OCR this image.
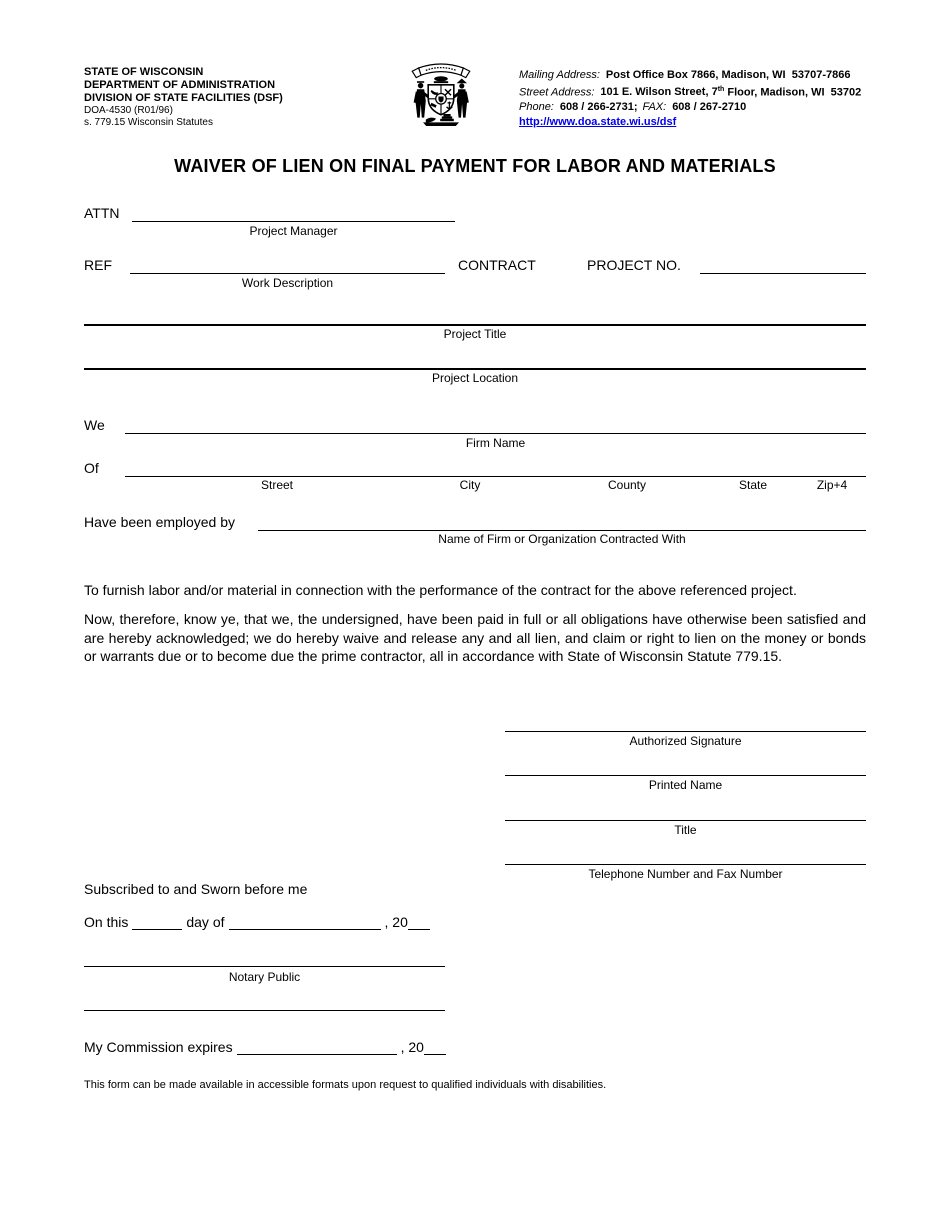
STATE OF WISCONSIN
DEPARTMENT OF ADMINISTRATION
DIVISION OF STATE FACILITIES (DSF)
DOA-4530 (R01/96)
s. 779.15 Wisconsin Statutes
Mailing Address: Post Office Box 7866, Madison, WI  53707-7866
Street Address: 101 E. Wilson Street, 7th Floor, Madison, WI  53702
Phone: 608 / 266-2731; FAX: 608 / 267-2710
http://www.doa.state.wi.us/dsf
WAIVER OF LIEN ON FINAL PAYMENT FOR LABOR AND MATERIALS
ATTN
Project Manager
REF
Work Description
CONTRACT	PROJECT NO.
Project Title
Project Location
We
Firm Name
Of
Street	City	County	State	Zip+4
Have been employed by
Name of Firm or Organization Contracted With
To furnish labor and/or material in connection with the performance of the contract for the above referenced project.
Now, therefore, know ye, that we, the undersigned, have been paid in full or all obligations have otherwise been satisfied and are hereby acknowledged; we do hereby waive and release any and all lien, and claim or right to lien on the money or bonds or warrants due or to become due the prime contractor, all in accordance with State of Wisconsin Statute 779.15.
Authorized Signature
Printed Name
Title
Telephone Number and Fax Number
Subscribed to and Sworn before me
On this	day of	, 20
Notary Public
My Commission expires	, 20
This form can be made available in accessible formats upon request to qualified individuals with disabilities.
